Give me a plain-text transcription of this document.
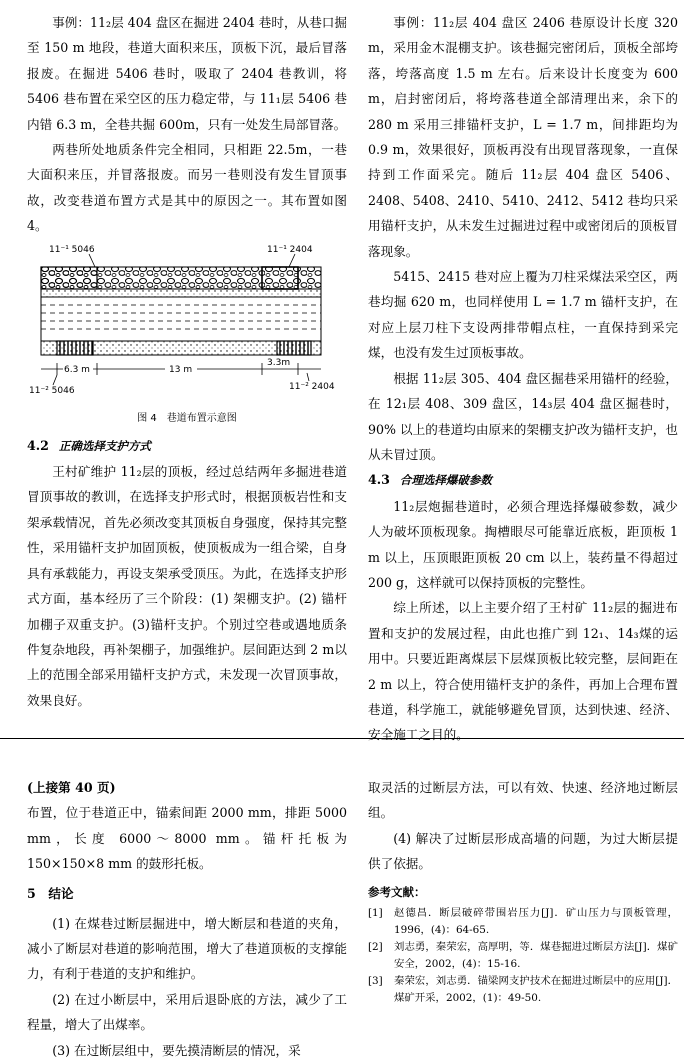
事例：11₂层 404 盘区在掘进 2404 巷时，从巷口掘至 150 m 地段，巷道大面积来压，顶板下沉，最后冒落报废。在掘进 5406 巷时，吸取了 2404 巷教训，将 5406 巷布置在采空区的压力稳定带，与 11₁层 5406 巷内错 6.3 m，全巷共掘 600m，只有一处发生局部冒落。

两巷所处地质条件完全相同，只相距 22.5m，一巷大面积来压，并冒落报废。而另一巷则没有发生冒顶事故，改变巷道布置方式是其中的原因之一。其布置如图 4。

11⁻¹ 5046	11⁻¹ 2404
6.3 m	13 m
3.3m
11⁻² 5046	11⁻² 2404
图 4　巷道布置示意图
4.2 正确选择支护方式

王村矿维护 11₂层的顶板，经过总结两年多掘进巷道冒顶事故的教训，在选择支护形式时，根据顶板岩性和支架承载情况，首先必须改变其顶板自身强度，保持其完整性，采用锚杆支护加固顶板，使顶板成为一组合梁，自身具有承载能力，再设支架承受顶压。为此，在选择支护形式方面，基本经历了三个阶段：(1) 架棚支护。(2) 锚杆加棚子双重支护。(3)锚杆支护。个别过空巷或遇地质条件复杂地段，再补架棚子，加强维护。层间距达到 2 m以上的范围全部采用锚杆支护方式，未发现一次冒顶事故，效果良好。

事例：11₂层 404 盘区 2406 巷原设计长度 320 m，采用金木混棚支护。该巷掘完密闭后，顶板全部垮落，垮落高度 1.5 m 左右。后来设计长度变为 600 m，启封密闭后，将垮落巷道全部清理出来，余下的 280 m 采用三排锚杆支护，L = 1.7 m，间排距均为 0.9 m，效果很好，顶板再没有出现冒落现象，一直保持到工作面采完。随后 11₂层 404 盘区 5406、2408、5408、2410、5410、2412、5412 巷均只采用锚杆支护，从未发生过掘进过程中或密闭后的顶板冒落现象。

5415、2415 巷对应上覆为刀柱采煤法采空区，两巷均掘 620 m，也同样使用 L = 1.7 m 锚杆支护，在对应上层刀柱下支设两排带帽点柱，一直保持到采完煤，也没有发生过顶板事故。

根据 11₂层 305、404 盘区掘巷采用锚杆的经验，在 12₁层 408、309 盘区，14₃层 404 盘区掘巷时，90% 以上的巷道均由原来的架棚支护改为锚杆支护，也从未冒过顶。

4.3 合理选择爆破参数

11₂层炮掘巷道时，必须合理选择爆破参数，减少人为破坏顶板现象。掏槽眼尽可能靠近底板，距顶板 1 m 以上，压顶眼距顶板 20 cm 以上，装药量不得超过 200 g，这样就可以保持顶板的完整性。

综上所述，以上主要介绍了王村矿 11₂层的掘进布置和支护的发展过程，由此也推广到 12₁、14₃煤的运用中。只要近距离煤层下层煤顶板比较完整，层间距在 2 m 以上，符合使用锚杆支护的条件，再加上合理布置巷道，科学施工，就能够避免冒顶，达到快速、经济、安全施工之目的。

(上接第 40 页)
布置，位于巷道正中，锚索间距 2000 mm，排距 5000 mm，长度 6000～8000 mm。锚杆托板为 150×150×8 mm 的鼓形托板。

5　结论

(1) 在煤巷过断层掘进中，增大断层和巷道的夹角，减小了断层对巷道的影响范围，增大了巷道顶板的支撑能力，有利于巷道的支护和维护。

(2) 在过小断层中，采用后退卧底的方法，减少了工程量，增大了出煤率。

(3) 在过断层组中，要先摸清断层的情况，采

取灵活的过断层方法，可以有效、快速、经济地过断层组。

(4) 解决了过断层形成高墙的问题，为过大断层提供了依据。

参考文献：
[1]	赵德昌．断层破碎带围岩压力[J]．矿山压力与顶板管理，1996，(4)：64-65.
[2]	刘志勇，秦荣宏，高厚明，等．煤巷掘进过断层方法[J]．煤矿安全，2002，(4)：15-16.
[3]	秦荣宏，刘志勇．锚梁网支护技术在掘进过断层中的应用[J]．煤矿开采，2002，(1)：49-50.
